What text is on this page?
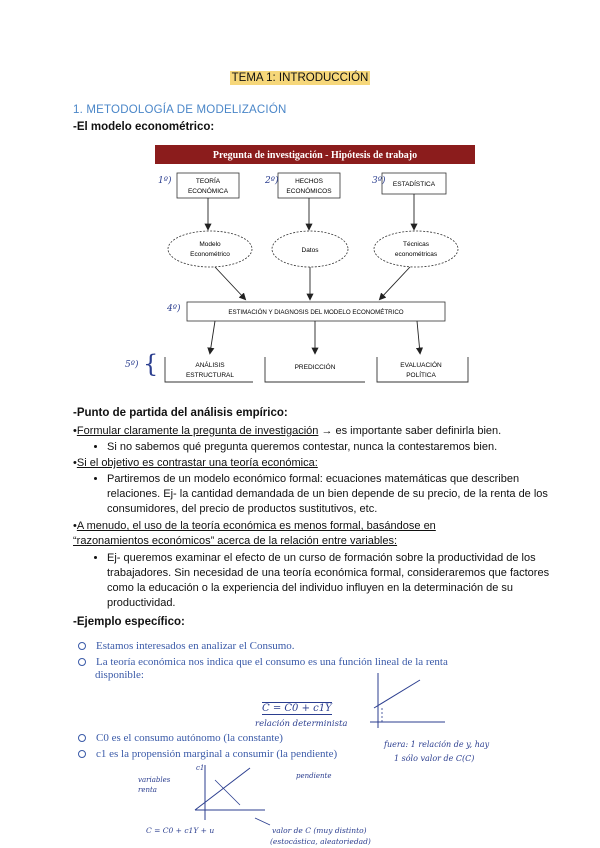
TEMA 1: INTRODUCCIÓN
1. METODOLOGÍA DE MODELIZACIÓN
-El modelo econométrico:
Pregunta de investigación - Hipótesis de trabajo
TEORÍA
ECONÓMICA
HECHOS
ECONÓMICOS
ESTADÍSTICA
Modelo
Econométrico
Datos
Técnicas
econométricas
ESTIMACIÓN Y DIAGNOSIS DEL MODELO ECONOMÉTRICO
ANÁLISIS
ESTRUCTURAL
PREDICCIÓN	EVALUACIÓN
POLÍTICA
1º)	2º)	3º)
4º)
5º) {
-Punto de partida del análisis empírico:
•Formular claramente la pregunta de investigación → es importante saber definirla bien.
• Si no sabemos qué pregunta queremos contestar, nunca la contestaremos bien.
•Si el objetivo es contrastar una teoría económica:
• Partiremos de un modelo económico formal: ecuaciones matemáticas que describen relaciones. Ej- la cantidad demandada de un bien depende de su precio, de la renta de los consumidores, del precio de productos sustitutivos, etc.
•A menudo, el uso de la teoría económica es menos formal, basándose en
“razonamientos económicos” acerca de la relación entre variables:
• Ej- queremos examinar el efecto de un curso de formación sobre la productividad de los trabajadores. Sin necesidad de una teoría económica formal, consideraremos que factores como la educación o la experiencia del individuo influyen en la determinación de su productividad.
-Ejemplo específico:
Estamos interesados en analizar el Consumo.
La teoría económica nos indica que el consumo es una función lineal de la renta
disponible:
C0 es el consumo autónomo (la constante)
c1 es la propensión marginal a consumir (la pendiente)
C = C0 + c1Y
relación determinista
fuera: 1 relación de y, hay
1 sólo valor de C(C)
variables
renta
c1
pendiente
C = C0 + c1Y + u	valor de C (muy distinto)
(estocástica, aleatoriedad)
